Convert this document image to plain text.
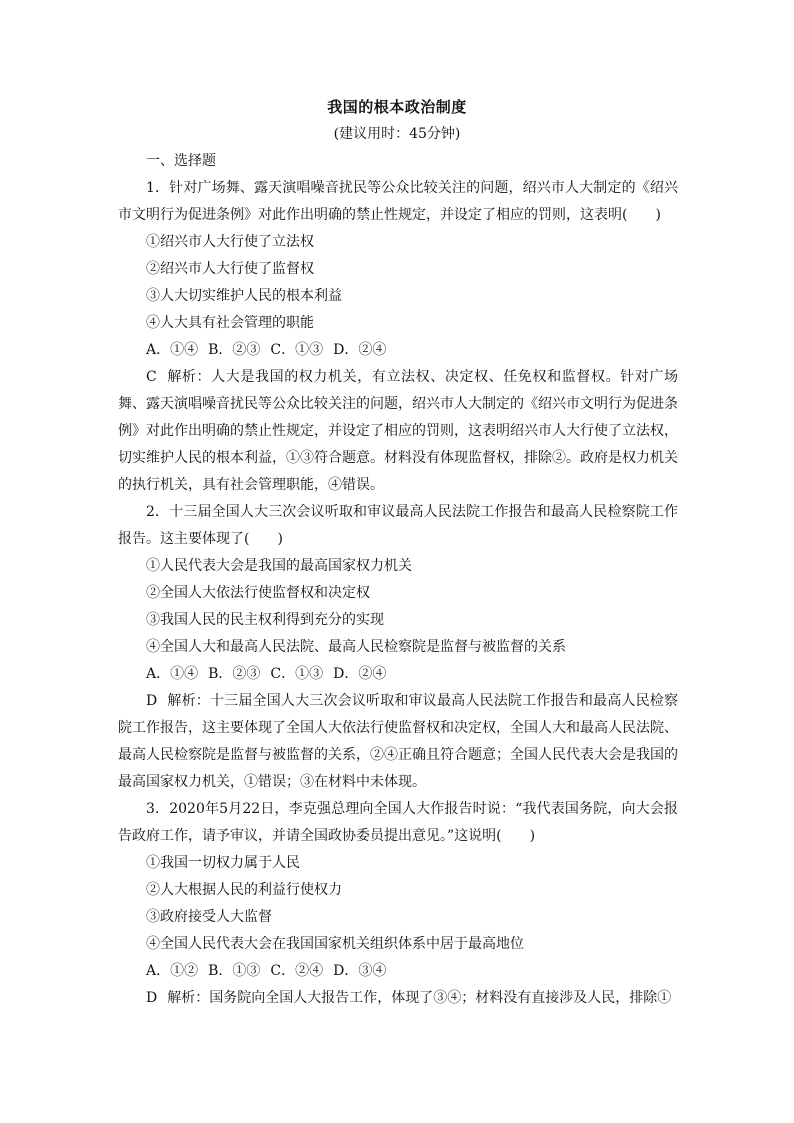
我国的根本政治制度
(建议用时：45分钟)
一、选择题

1．针对广场舞、露天演唱噪音扰民等公众比较关注的问题，绍兴市人大制定的《绍兴市文明行为促进条例》对此作出明确的禁止性规定，并设定了相应的罚则，这表明(　　)

①绍兴市人大行使了立法权

②绍兴市人大行使了监督权

③人大切实维护人民的根本利益

④人大具有社会管理的职能

A．①④ B．②③ C．①③ D．②④

C 解析：人大是我国的权力机关，有立法权、决定权、任免权和监督权。针对广场舞、露天演唱噪音扰民等公众比较关注的问题，绍兴市人大制定的《绍兴市文明行为促进条例》对此作出明确的禁止性规定，并设定了相应的罚则，这表明绍兴市人大行使了立法权，切实维护人民的根本利益，①③符合题意。材料没有体现监督权，排除②。政府是权力机关的执行机关，具有社会管理职能，④错误。

2．十三届全国人大三次会议听取和审议最高人民法院工作报告和最高人民检察院工作报告。这主要体现了(　　)

①人民代表大会是我国的最高国家权力机关

②全国人大依法行使监督权和决定权

③我国人民的民主权利得到充分的实现

④全国人大和最高人民法院、最高人民检察院是监督与被监督的关系

A．①④ B．②③ C．①③ D．②④

D 解析：十三届全国人大三次会议听取和审议最高人民法院工作报告和最高人民检察院工作报告，这主要体现了全国人大依法行使监督权和决定权，全国人大和最高人民法院、最高人民检察院是监督与被监督的关系，②④正确且符合题意；全国人民代表大会是我国的最高国家权力机关，①错误；③在材料中未体现。

3．2020年5月22日，李克强总理向全国人大作报告时说：“我代表国务院，向大会报告政府工作，请予审议，并请全国政协委员提出意见。”这说明(　　)

①我国一切权力属于人民

②人大根据人民的利益行使权力

③政府接受人大监督

④全国人民代表大会在我国国家机关组织体系中居于最高地位

A．①② B．①③ C．②④ D．③④

D 解析：国务院向全国人大报告工作，体现了③④；材料没有直接涉及人民，排除①
